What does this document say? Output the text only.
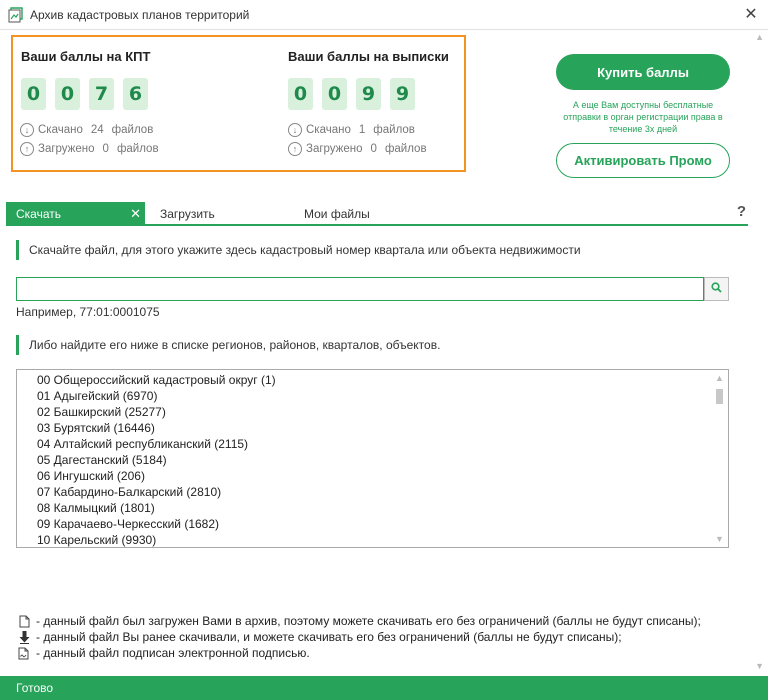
Архив кадастровых планов территорий	✕
▲
Ваши баллы на КПТ
0	0	7	6
↓ Скачано 24 файлов
↑ Загружено 0 файлов
Ваши баллы на выписки
0	0	9	9
↓ Скачано 1 файлов
↑ Загружено 0 файлов
Купить баллы
А еще Вам доступны бесплатные отправки в орган регистрации права в течение 3х дней
Активировать Промо
Скачать	✕ Загрузить	Мои файлы	?
Скачайте файл, для этого укажите здесь кадастровый номер квартала или объекта недвижимости
Например, 77:01:0001075
Либо найдите его ниже в списке регионов, районов, кварталов, объектов.
00 Общероссийский кадастровый округ (1)
01 Адыгейский (6970)
02 Башкирский (25277)
03 Бурятский (16446)
04 Алтайский республиканский (2115)
05 Дагестанский (5184)
06 Ингушский (206)
07 Кабардино-Балкарский (2810)
08 Калмыцкий (1801)
09 Карачаево-Черкесский (1682)
10 Карельский (9930)
▲
▼
- данный файл был загружен Вами в архив, поэтому можете скачивать его без ограничений (баллы не будут списаны);
- данный файл Вы ранее скачивали, и можете скачивать его без ограничений (баллы не будут списаны);
- данный файл подписан электронной подписью.
▼
Готово
